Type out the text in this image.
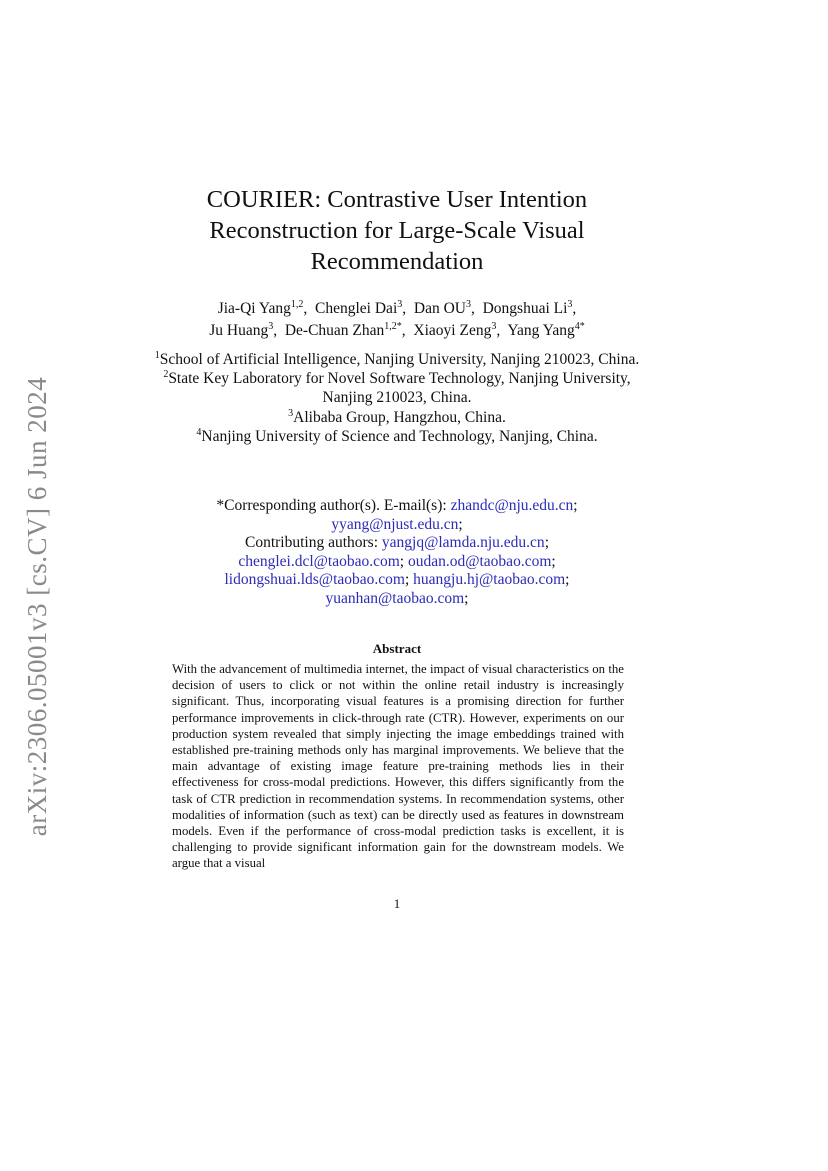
arXiv:2306.05001v3 [cs.CV] 6 Jun 2024
COURIER: Contrastive User Intention Reconstruction for Large-Scale Visual Recommendation
Jia-Qi Yang$^{1,2}$, Chenglei Dai$^3$, Dan $OU^3$, Dongshuai Li$^3$,
Ju Huang$^3$, De-Chuan Zhan$^{1,2*}$, Xiaoyi Zeng$^3$, Yang Yang$^{4*}$
$^1$School of Artificial Intelligence, Nanjing University, Nanjing 210023, China.
$^2$State Key Laboratory for Novel Software Technology, Nanjing University, Nanjing 210023, China.
$^3$Alibaba Group, Hangzhou, China.
$^4$Nanjing University of Science and Technology, Nanjing, China.
*Corresponding author(s). E-mail(s): zhandc@nju.edu.cn;
yyang@njust.edu.cn;
Contributing authors: yangjq@lamda.nju.edu.cn;
chenglei.dcl@taobao.com; oudan.od@taobao.com;
lidongshuai.lds@taobao.com; huangju.hj@taobao.com;
yuanhan@taobao.com;
Abstract

With the advancement of multimedia internet, the impact of visual characteristics on the decision of users to click or not within the online retail industry is increasingly significant. Thus, incorporating visual features is a promising direction for further performance improvements in click-through rate (CTR). However, experiments on our production system revealed that simply injecting the image embeddings trained with established pre-training methods only has marginal improvements. We believe that the main advantage of existing image feature pre-training methods lies in their effectiveness for cross-modal predictions. However, this differs significantly from the task of CTR prediction in recommendation systems. In recommendation systems, other modalities of information (such as text) can be directly used as features in downstream models. Even if the performance of cross-modal prediction tasks is excellent, it is challenging to provide significant information gain for the downstream models. We argue that a visual

1
